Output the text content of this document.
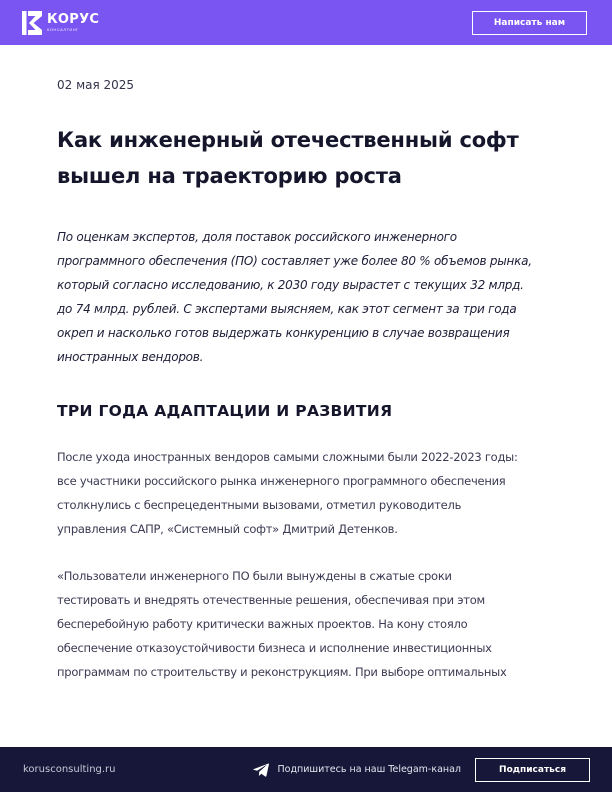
КОРУС
КОНСАЛТИНГ
Написать нам
02 мая 2025
Как инженерный отечественный софт
вышел на траекторию роста

По оценкам экспертов, доля поставок российского инженерного
программного обеспечения (ПО) составляет уже более 80 % объемов рынка,
который согласно исследованию, к 2030 году вырастет с текущих 32 млрд.
до 74 млрд. рублей. С экспертами выясняем, как этот сегмент за три года
окреп и насколько готов выдержать конкуренцию в случае возвращения
иностранных вендоров.

ТРИ ГОДА АДАПТАЦИИ И РАЗВИТИЯ

После ухода иностранных вендоров самыми сложными были 2022-2023 годы:
все участники российского рынка инженерного программного обеспечения
столкнулись с беспрецедентными вызовами, отметил руководитель
управления САПР, «Системный софт» Дмитрий Детенков.

«Пользователи инженерного ПО были вынуждены в сжатые сроки
тестировать и внедрять отечественные решения, обеспечивая при этом
бесперебойную работу критически важных проектов. На кону стояло
обеспечение отказоустойчивости бизнеса и исполнение инвестиционных
программам по строительству и реконструкциям. При выборе оптимальных

korusconsulting.ru	Подпишитесь на наш Telegam-канал	Подписаться
